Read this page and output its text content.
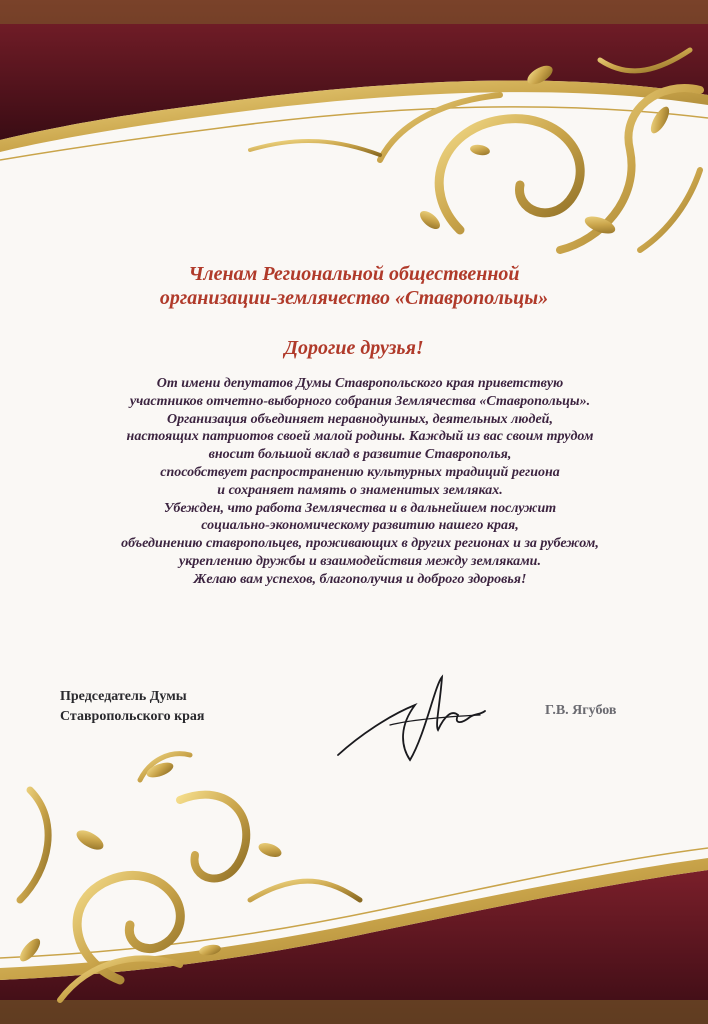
Членам Региональной общественной
организации-землячество «Ставропольцы»
Дорогие друзья!
От имени депутатов Думы Ставропольского края приветствую
участников отчетно-выборного собрания Землячества «Ставропольцы».
Организация объединяет неравнодушных, деятельных людей,
настоящих патриотов своей малой родины. Каждый из вас своим трудом
вносит большой вклад в развитие Ставрополья,
способствует распространению культурных традиций региона
и сохраняет память о знаменитых земляках.
Убежден, что работа Землячества и в дальнейшем послужит
социально-экономическому развитию нашего края,
объединению ставропольцев, проживающих в других регионах и за рубежом,
укреплению дружбы и взаимодействия между земляками.
Желаю вам успехов, благополучия и доброго здоровья!
Председатель Думы
Ставропольского края	Г.В. Ягубов
